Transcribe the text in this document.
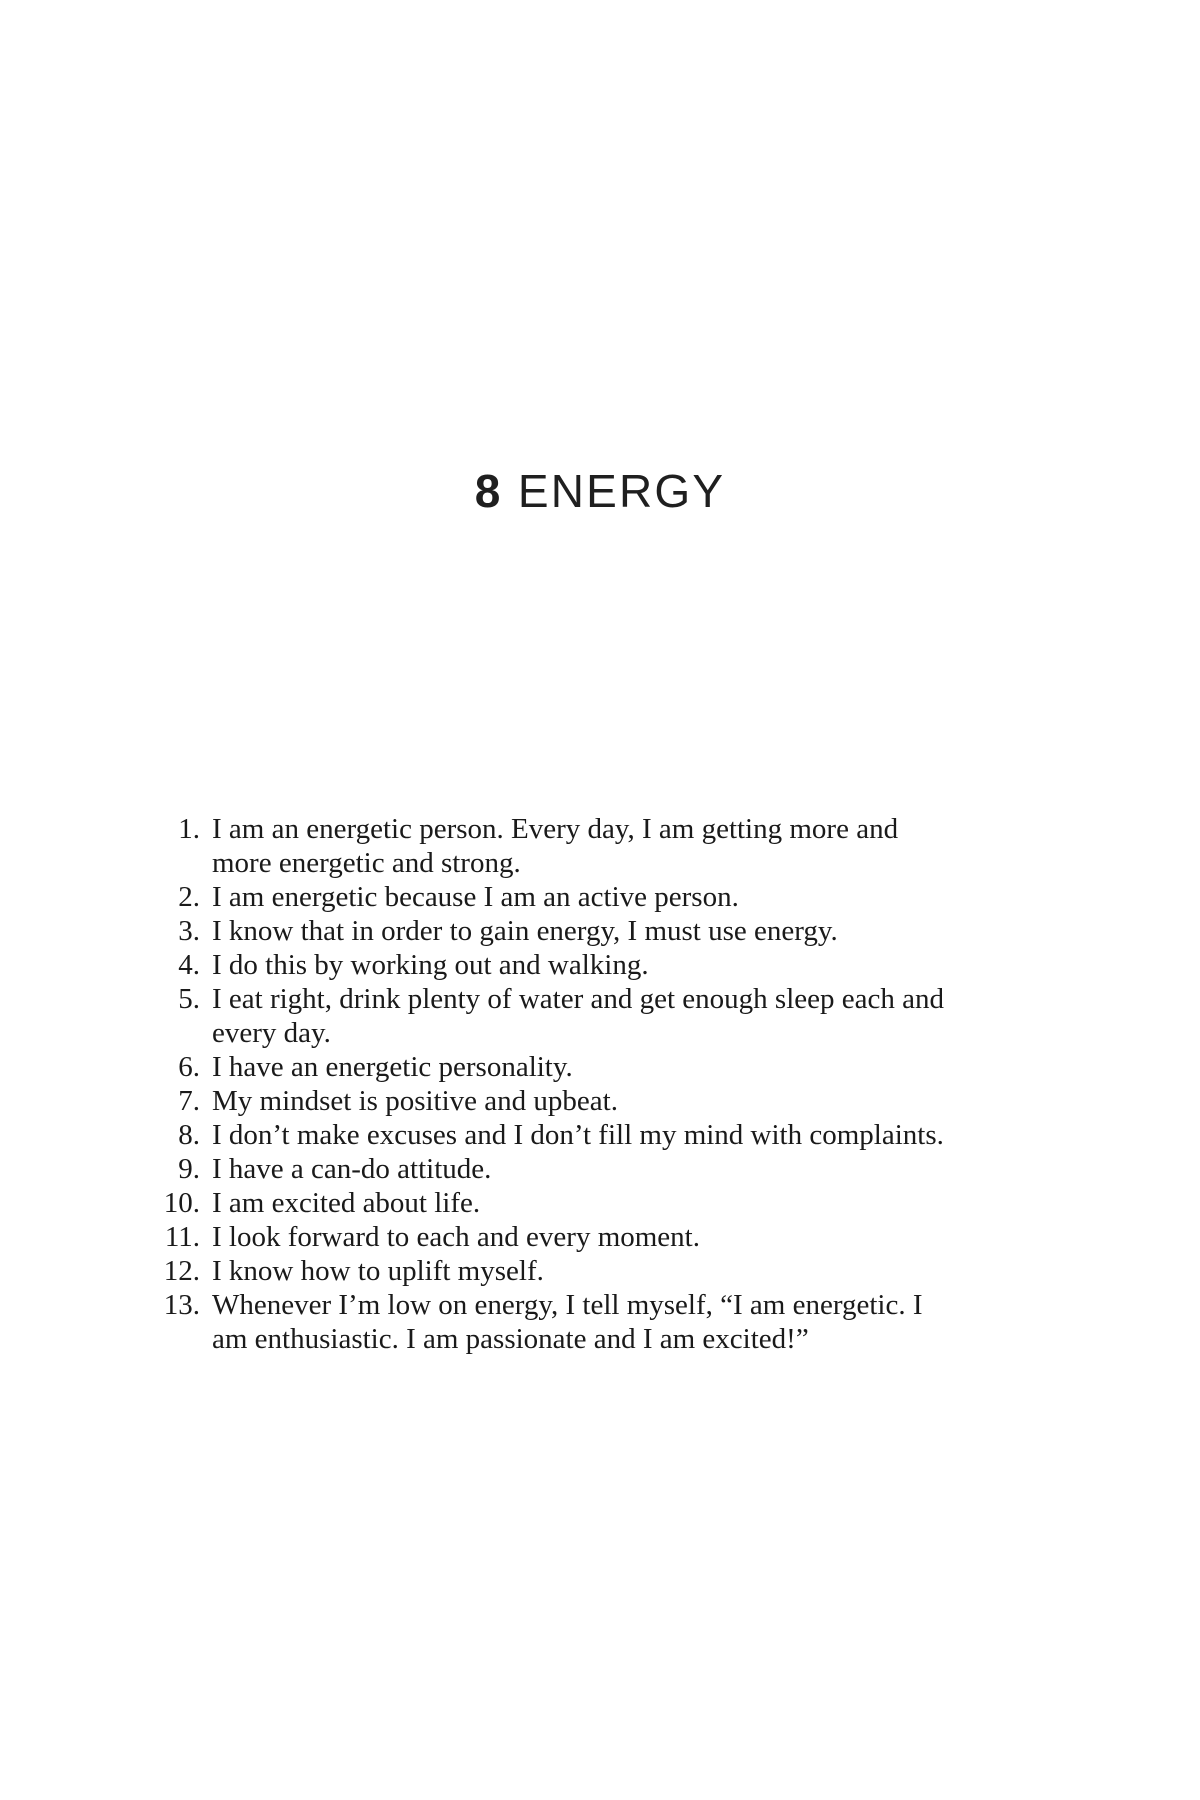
8 ENERGY
1. I am an energetic person. Every day, I am getting more and more energetic and strong.
2. I am energetic because I am an active person.
3. I know that in order to gain energy, I must use energy.
4. I do this by working out and walking.
5. I eat right, drink plenty of water and get enough sleep each and every day.
6. I have an energetic personality.
7. My mindset is positive and upbeat.
8. I don’t make excuses and I don’t fill my mind with complaints.
9. I have a can-do attitude.
10. I am excited about life.
11. I look forward to each and every moment.
12. I know how to uplift myself.
13. Whenever I’m low on energy, I tell myself, “I am energetic. I am enthusiastic. I am passionate and I am excited!”
